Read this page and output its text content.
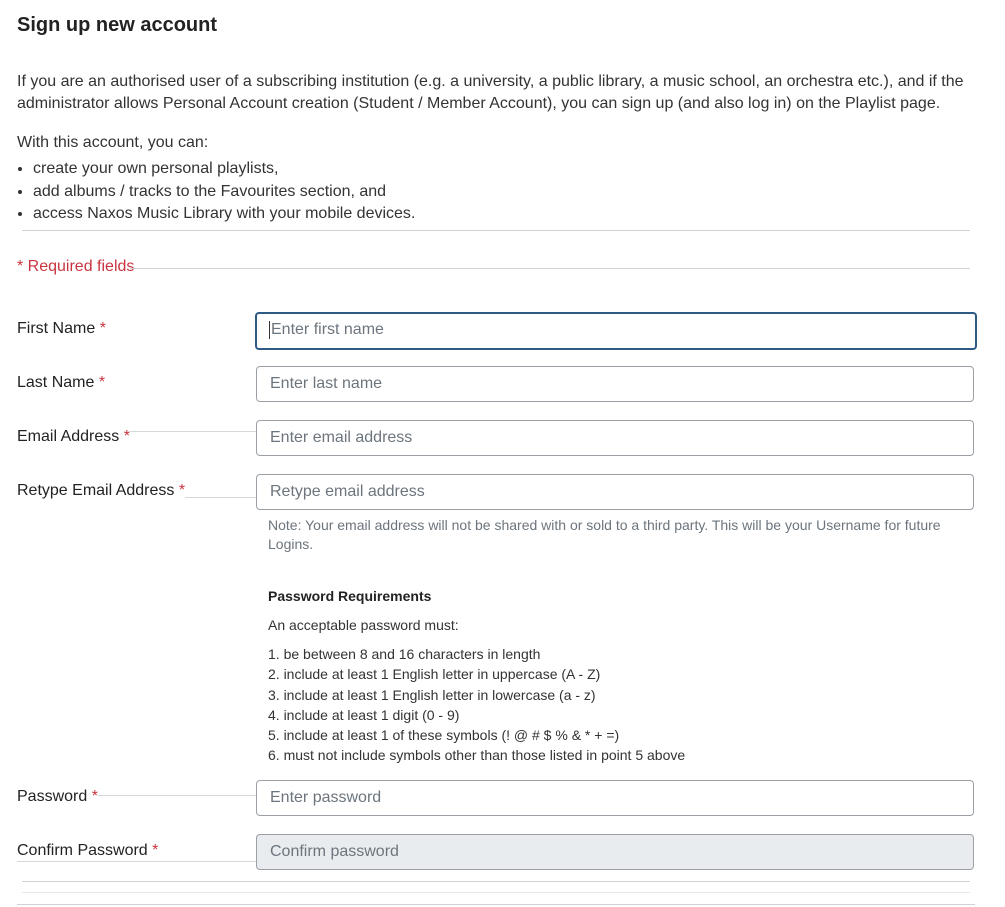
Sign up new account

If you are an authorised user of a subscribing institution (e.g. a university, a public library, a music school, an orchestra etc.), and if the administrator allows Personal Account creation (Student / Member Account), you can sign up (and also log in) on the Playlist page.

With this account, you can:

• create your own personal playlists,
• add albums / tracks to the Favourites section, and
• access Naxos Music Library with your mobile devices.
* Required fields
First Name *	Enter first name
Last Name *	Enter last name
Email Address *	Enter email address
Retype Email Address *	Retype email address

Note: Your email address will not be shared with or sold to a third party. This will be your Username for future Logins.

Password Requirements
An acceptable password must:
1. be between 8 and 16 characters in length
2. include at least 1 English letter in uppercase (A - Z)
3. include at least 1 English letter in lowercase (a - z)
4. include at least 1 digit (0 - 9)
5. include at least 1 of these symbols (! @ # $ % & * + =)
6. must not include symbols other than those listed in point 5 above
Password *	Enter password
Confirm Password *	Confirm password
